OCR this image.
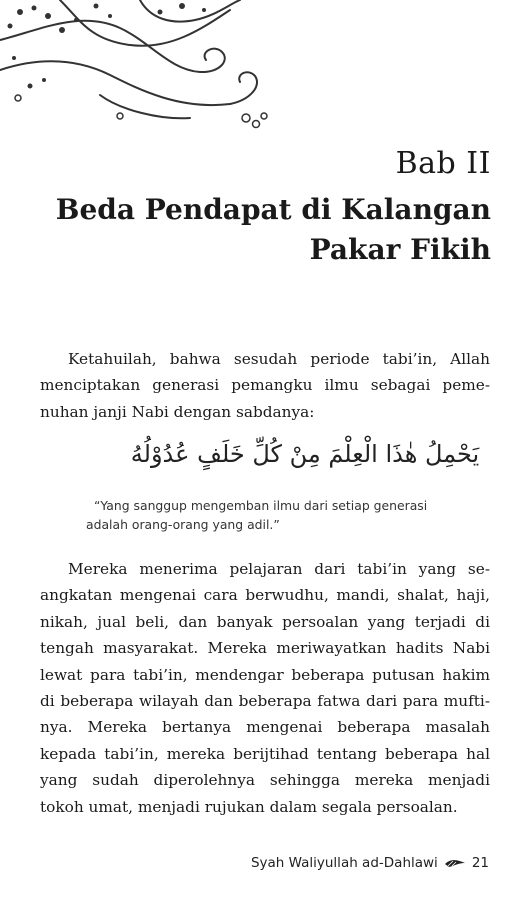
Bab II
Beda Pendapat di Kalangan
Pakar Fikih

Ketahuilah, bahwa sesudah periode tabi’in, Allah
menciptakan generasi pemangku ilmu sebagai peme-
nuhan janji Nabi dengan sabdanya:

يَحْمِلُ هٰذَا الْعِلْمَ مِنْ كُلِّ خَلَفٍ عُدُوْلُهُ
“Yang sanggup mengemban ilmu dari setiap generasi
adalah orang-orang yang adil.”

Mereka menerima pelajaran dari tabi’in yang se-
angkatan mengenai cara berwudhu, mandi, shalat, haji,
nikah, jual beli, dan banyak persoalan yang terjadi di
tengah masyarakat. Mereka meriwayatkan hadits Nabi
lewat para tabi’in, mendengar beberapa putusan hakim
di beberapa wilayah dan beberapa fatwa dari para mufti-
nya. Mereka bertanya mengenai beberapa masalah
kepada tabi’in, mereka berijtihad tentang beberapa hal
yang sudah diperolehnya sehingga mereka menjadi
tokoh umat, menjadi rujukan dalam segala persoalan.

Syah Waliyullah ad-Dahlawi	21
